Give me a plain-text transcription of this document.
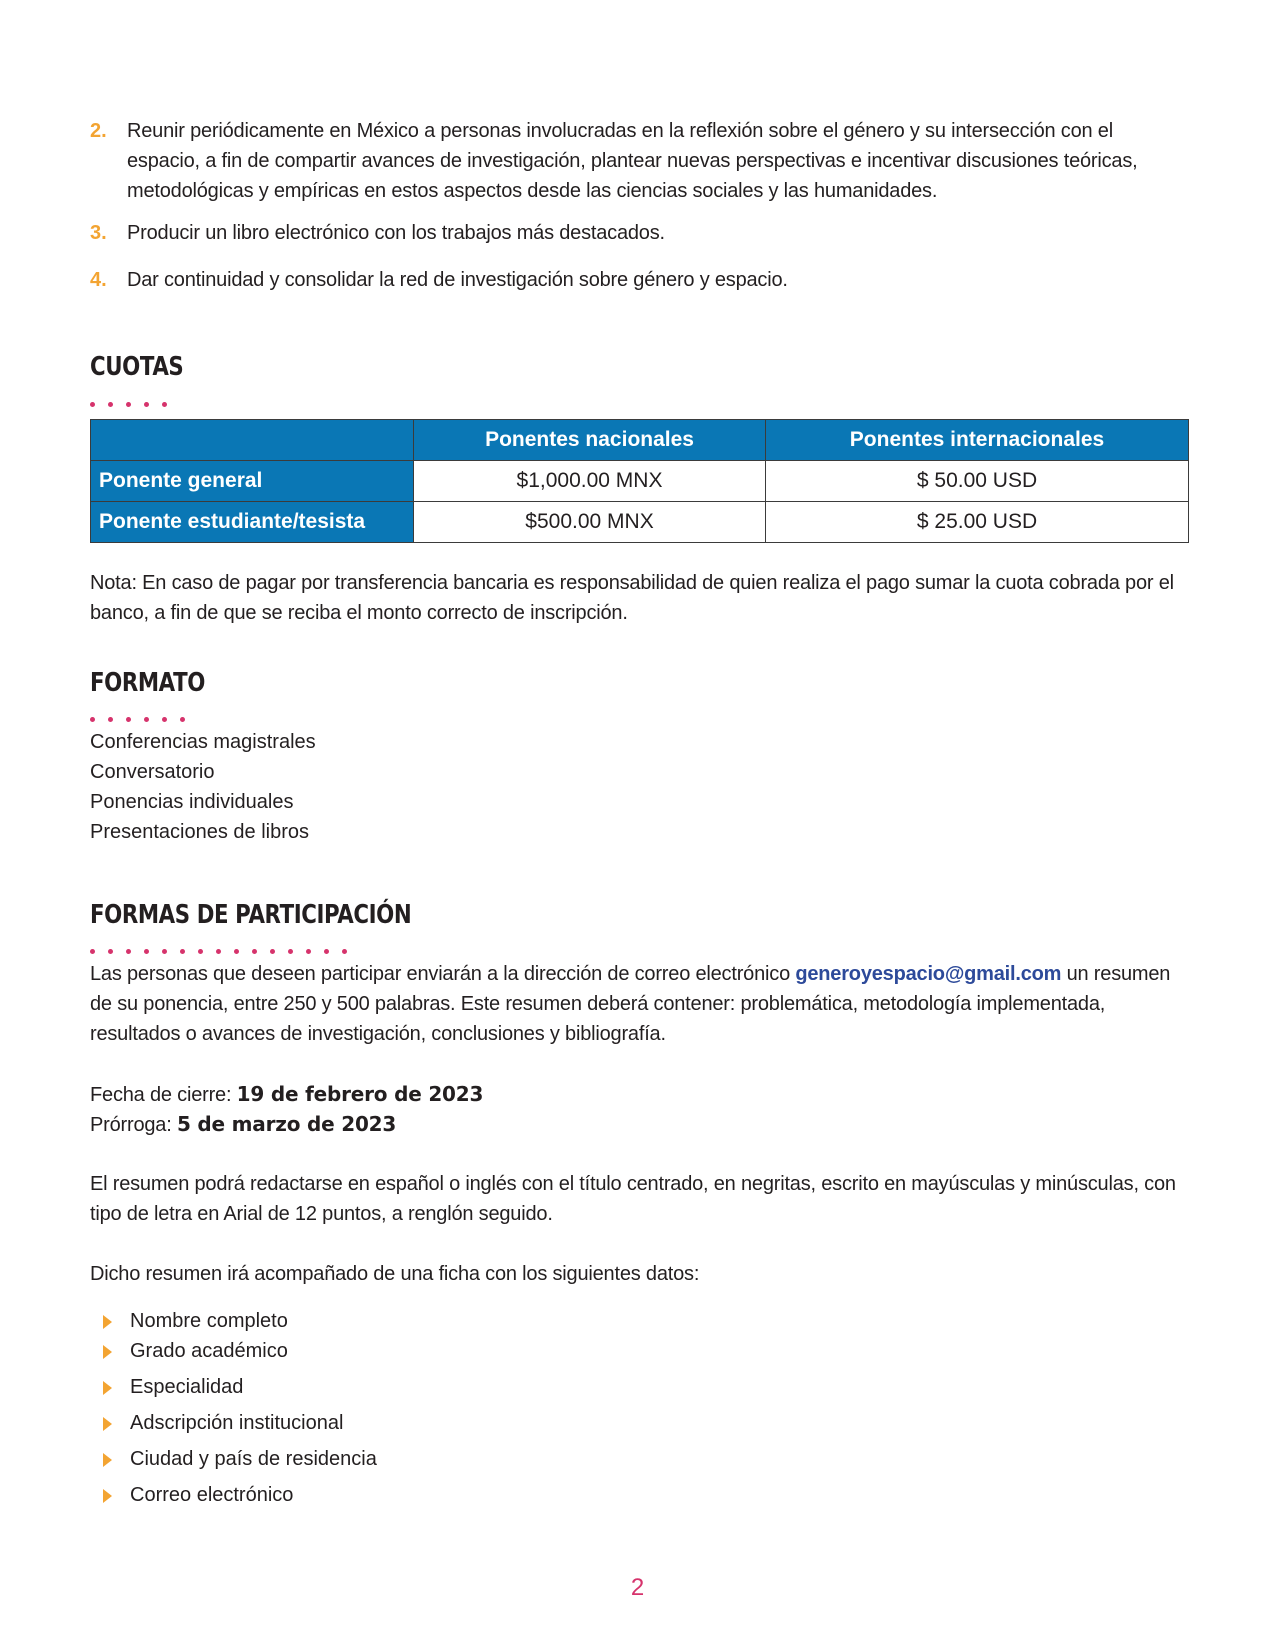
2. Reunir periódicamente en México a personas involucradas en la reflexión sobre el género y su intersección con el espacio, a fin de compartir avances de investigación, plantear nuevas perspectivas e incentivar discusiones teóricas, metodológicas y empíricas en estos aspectos desde las ciencias sociales y las humanidades.
3. Producir un libro electrónico con los trabajos más destacados.
4. Dar continuidad y consolidar la red de investigación sobre género y espacio.
CUOTAS
	Ponentes nacionales	Ponentes internacionales
Ponente general	$1,000.00 MNX	$ 50.00 USD
Ponente estudiante/tesista	$500.00 MNX	$ 25.00 USD
Nota: En caso de pagar por transferencia bancaria es responsabilidad de quien realiza el pago sumar la cuota cobrada por el banco, a fin de que se reciba el monto correcto de inscripción.
FORMATO
Conferencias magistrales
Conversatorio
Ponencias individuales
Presentaciones de libros
FORMAS DE PARTICIPACIÓN
Las personas que deseen participar enviarán a la dirección de correo electrónico generoyespacio@gmail.com un resumen de su ponencia, entre 250 y 500 palabras. Este resumen deberá contener: problemática, metodología implementada, resultados o avances de investigación, conclusiones y bibliografía.
Fecha de cierre: 19 de febrero de 2023
Prórroga: 5 de marzo de 2023
El resumen podrá redactarse en español o inglés con el título centrado, en negritas, escrito en mayúsculas y minúsculas, con tipo de letra en Arial de 12 puntos, a renglón seguido.
Dicho resumen irá acompañado de una ficha con los siguientes datos:
Nombre completo
Grado académico
Especialidad
Adscripción institucional
Ciudad y país de residencia
Correo electrónico
2
